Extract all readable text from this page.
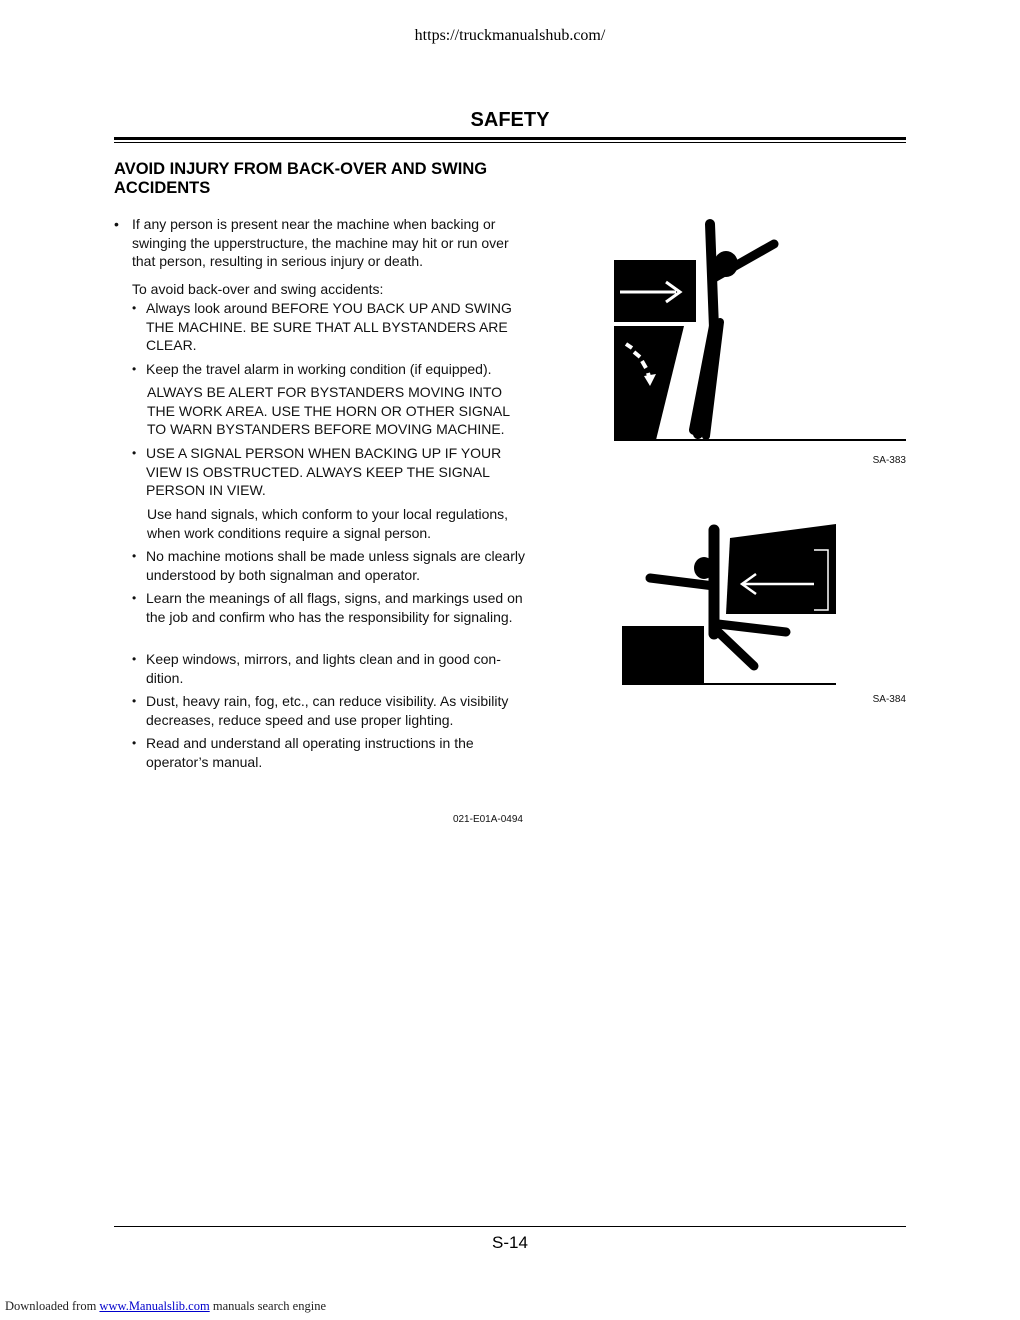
https://truckmanualshub.com/
SAFETY
AVOID INJURY FROM BACK-OVER AND SWING ACCIDENTS
• If any person is present near the machine when backing or swinging the upperstructure, the machine may hit or run over that person, resulting in serious injury or death.
To avoid back-over and swing accidents:
• Always look around BEFORE YOU BACK UP AND SWING THE MACHINE. BE SURE THAT ALL BYSTANDERS ARE CLEAR.
• Keep the travel alarm in working condition (if equipped).
ALWAYS BE ALERT FOR BYSTANDERS MOVING INTO THE WORK AREA. USE THE HORN OR OTHER SIGNAL TO WARN BYSTANDERS BEFORE MOVING MACHINE.
• USE A SIGNAL PERSON WHEN BACKING UP IF YOUR VIEW IS OBSTRUCTED. ALWAYS KEEP THE SIGNAL PERSON IN VIEW.
Use hand signals, which conform to your local regulations, when work conditions require a signal person.
• No machine motions shall be made unless signals are clearly understood by both signalman and operator.
• Learn the meanings of all flags, signs, and markings used on the job and confirm who has the responsibility for signaling.
• Keep windows, mirrors, and lights clean and in good con-dition.
• Dust, heavy rain, fog, etc., can reduce visibility. As visibility decreases, reduce speed and use proper lighting.
• Read and understand all operating instructions in the operator’s manual.
021-E01A-0494
SA-383
SA-384
S-14
Downloaded from www.Manualslib.com manuals search engine
